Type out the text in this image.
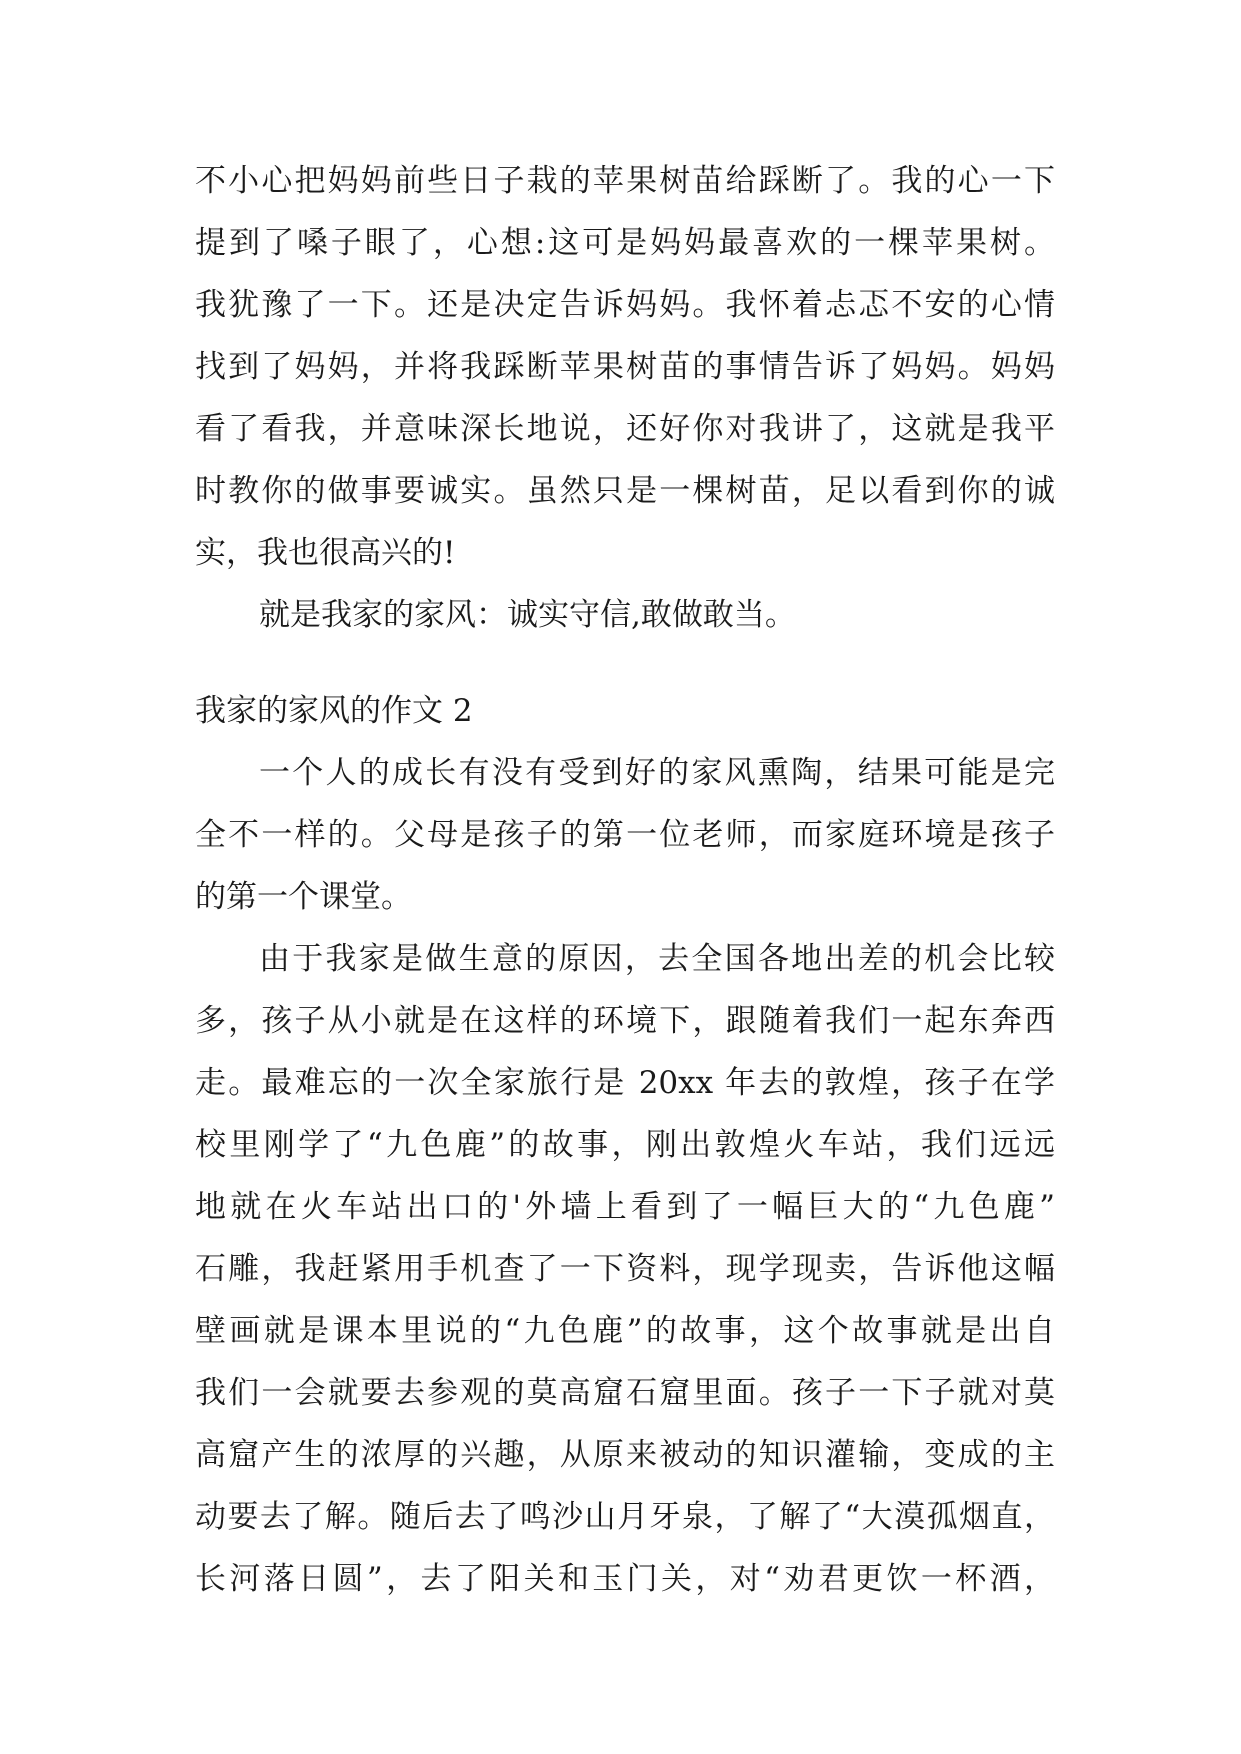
不小心把妈妈前些日子栽的苹果树苗给踩断了。我的心一下
提到了嗓子眼了，心想:这可是妈妈最喜欢的一棵苹果树。
我犹豫了一下。还是决定告诉妈妈。我怀着忐忑不安的心情
找到了妈妈，并将我踩断苹果树苗的事情告诉了妈妈。妈妈
看了看我，并意味深长地说，还好你对我讲了，这就是我平
时教你的做事要诚实。虽然只是一棵树苗，足以看到你的诚
实，我也很高兴的!
就是我家的家风：诚实守信,敢做敢当。
我家的家风的作文 2
一个人的成长有没有受到好的家风熏陶，结果可能是完
全不一样的。父母是孩子的第一位老师，而家庭环境是孩子
的第一个课堂。
由于我家是做生意的原因，去全国各地出差的机会比较
多，孩子从小就是在这样的环境下，跟随着我们一起东奔西
走。最难忘的一次全家旅行是 20xx 年去的敦煌，孩子在学
校里刚学了“九色鹿”的故事，刚出敦煌火车站，我们远远
地就在火车站出口的'外墙上看到了一幅巨大的“九色鹿”
石雕，我赶紧用手机查了一下资料，现学现卖，告诉他这幅
壁画就是课本里说的“九色鹿”的故事，这个故事就是出自
我们一会就要去参观的莫高窟石窟里面。孩子一下子就对莫
高窟产生的浓厚的兴趣，从原来被动的知识灌输，变成的主
动要去了解。随后去了鸣沙山月牙泉，了解了“大漠孤烟直，
长河落日圆”，去了阳关和玉门关，对“劝君更饮一杯酒，
